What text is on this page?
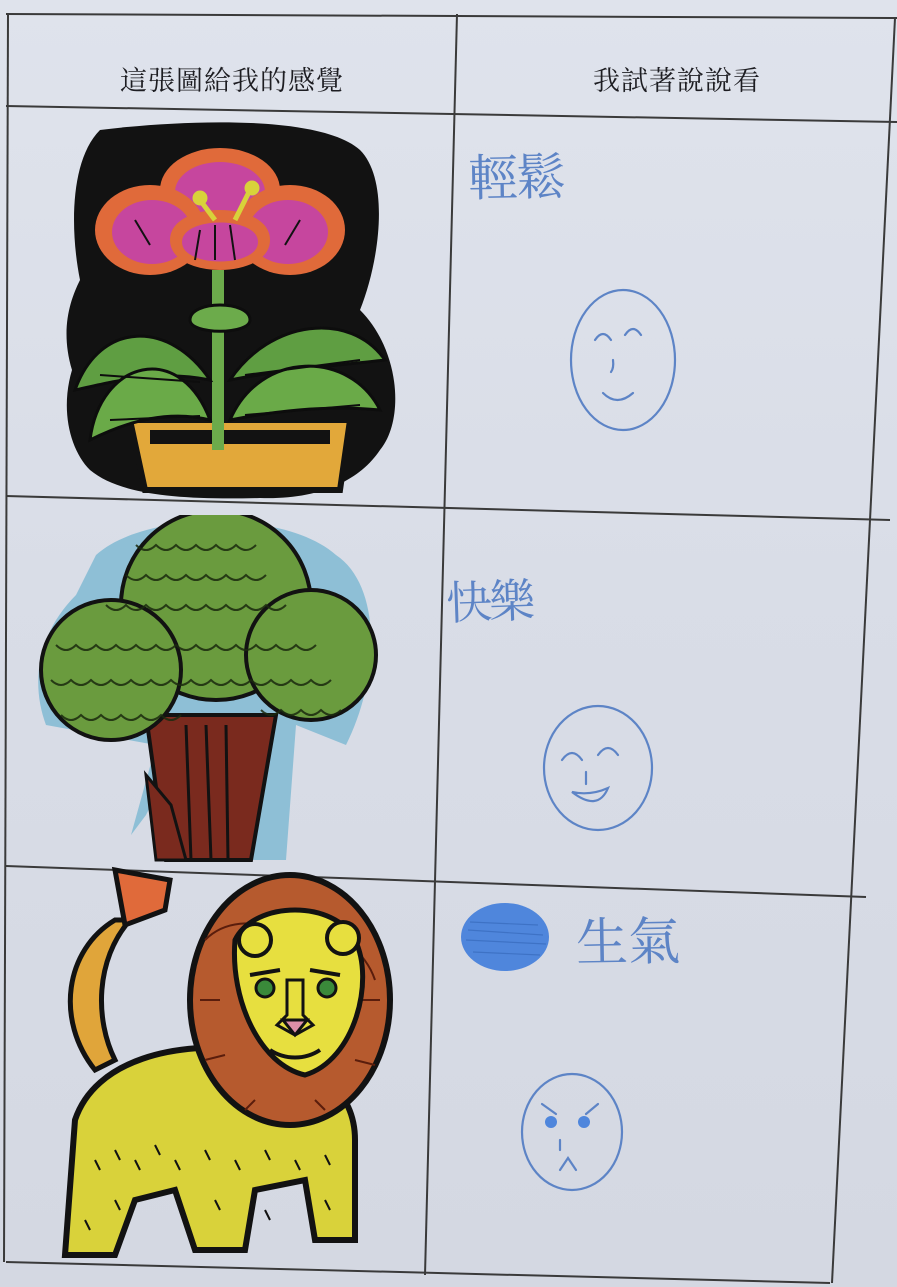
這張圖給我的感覺	我試著說說看
輕鬆
快樂
生氣
